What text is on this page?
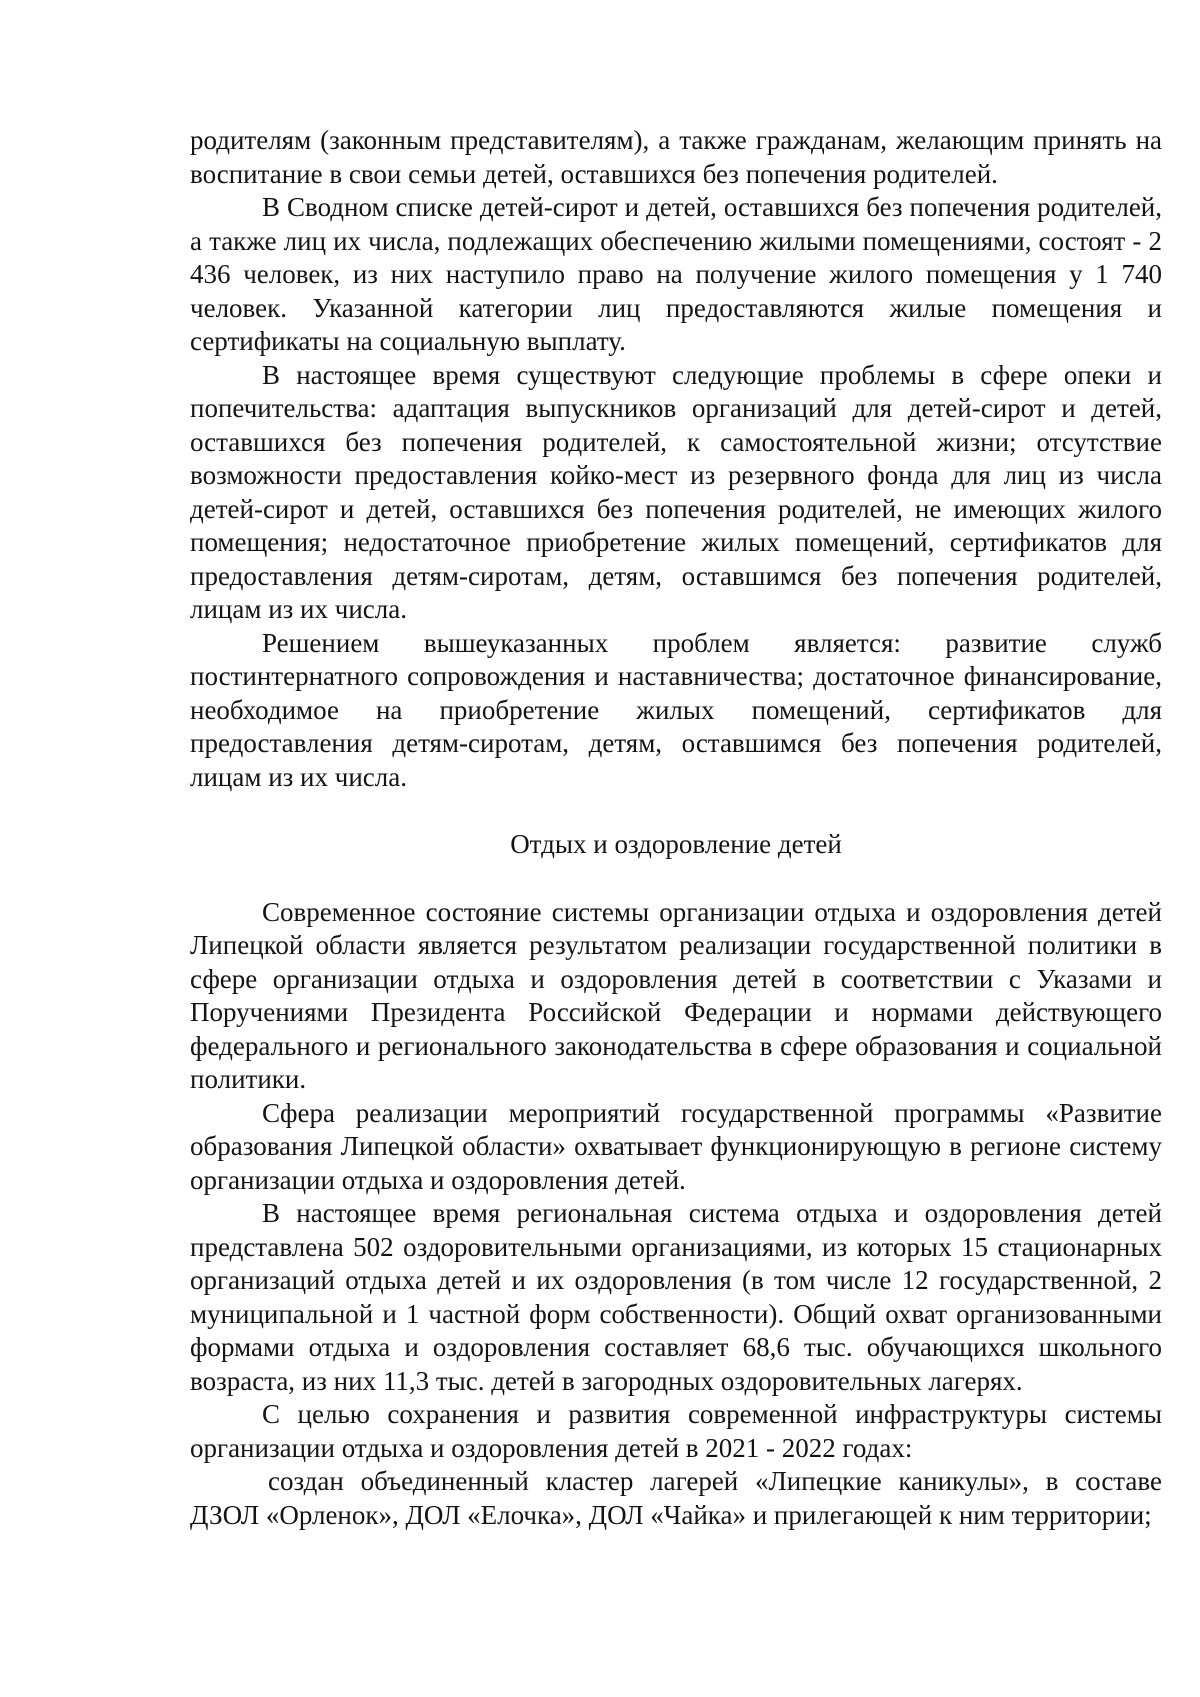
родителям (законным представителям), а также гражданам, желающим принять на воспитание в свои семьи детей, оставшихся без попечения родителей.

В Сводном списке детей-сирот и детей, оставшихся без попечения родителей, а также лиц их числа, подлежащих обеспечению жилыми помещениями, состоят - 2 436 человек, из них наступило право на получение жилого помещения у 1 740 человек. Указанной категории лиц предоставляются жилые помещения и сертификаты на социальную выплату.

В настоящее время существуют следующие проблемы в сфере опеки и попечительства: адаптация выпускников организаций для детей-сирот и детей, оставшихся без попечения родителей, к самостоятельной жизни; отсутствие возможности предоставления койко-мест из резервного фонда для лиц из числа детей-сирот и детей, оставшихся без попечения родителей, не имеющих жилого помещения; недостаточное приобретение жилых помещений, сертификатов для предоставления детям-сиротам, детям, оставшимся без попечения родителей, лицам из их числа.

Решением вышеуказанных проблем является: развитие служб постинтернатного сопровождения и наставничества; достаточное финансирование, необходимое на приобретение жилых помещений, сертификатов для предоставления детям-сиротам, детям, оставшимся без попечения родителей, лицам из их числа.

Отдых и оздоровление детей

Современное состояние системы организации отдыха и оздоровления детей Липецкой области является результатом реализации государственной политики в сфере организации отдыха и оздоровления детей в соответствии с Указами и Поручениями Президента Российской Федерации и нормами действующего федерального и регионального законодательства в сфере образования и социальной политики.

Сфера реализации мероприятий государственной программы «Развитие образования Липецкой области» охватывает функционирующую в регионе систему организации отдыха и оздоровления детей.

В настоящее время региональная система отдыха и оздоровления детей представлена 502 оздоровительными организациями, из которых 15 стационарных организаций отдыха детей и их оздоровления (в том числе 12 государственной, 2 муниципальной и 1 частной форм собственности). Общий охват организованными формами отдыха и оздоровления составляет 68,6 тыс. обучающихся школьного возраста, из них 11,3 тыс. детей в загородных оздоровительных лагерях.

С целью сохранения и развития современной инфраструктуры системы организации отдыха и оздоровления детей в 2021 - 2022 годах:

создан объединенный кластер лагерей «Липецкие каникулы», в составе ДЗОЛ «Орленок», ДОЛ «Елочка», ДОЛ «Чайка» и прилегающей к ним территории;
